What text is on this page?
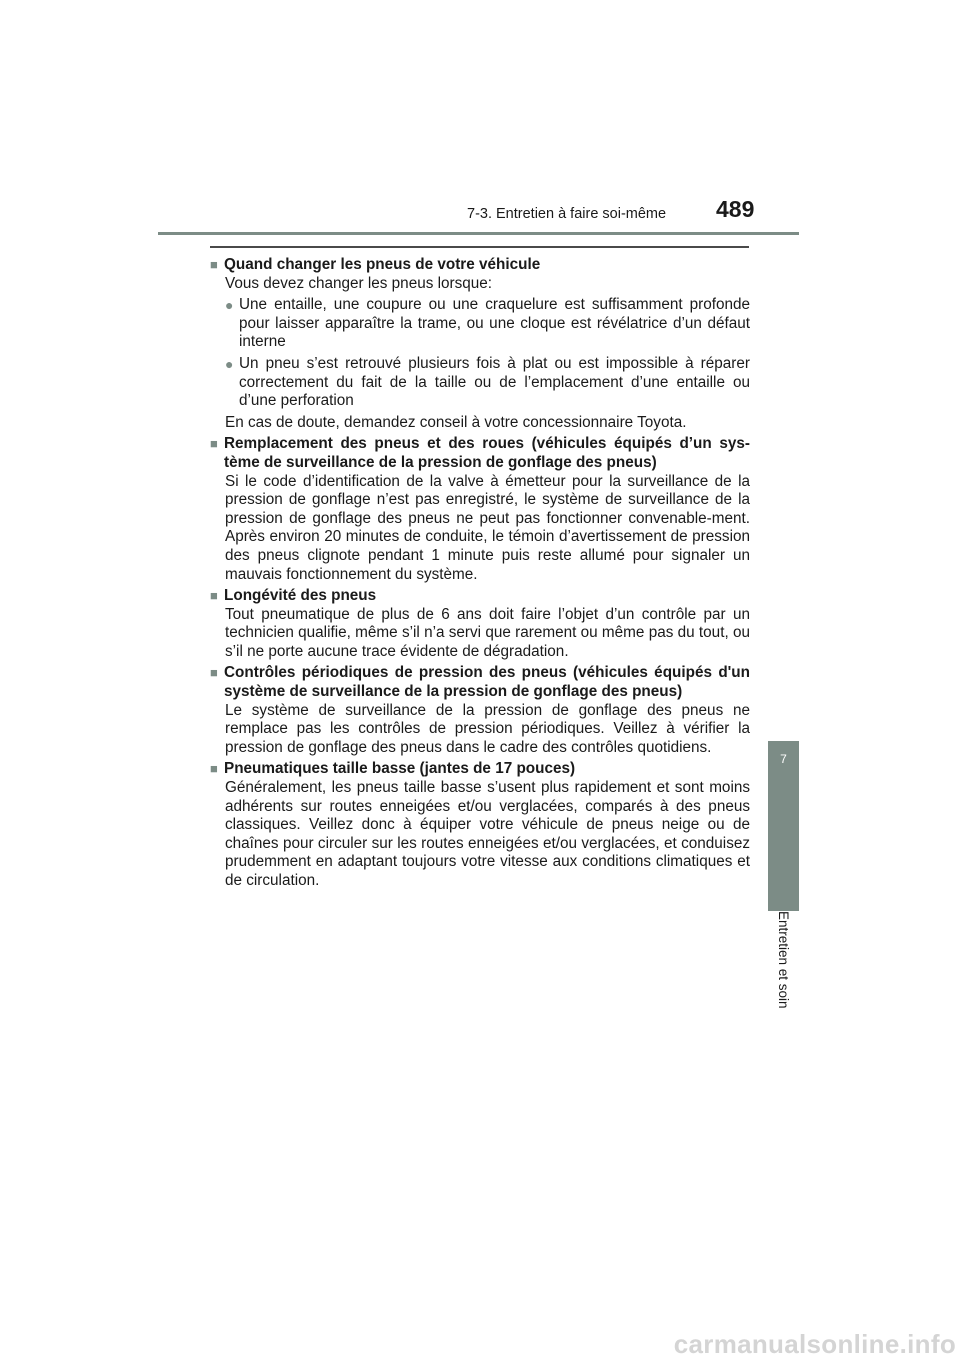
7-3. Entretien à faire soi-même 489
7
Entretien et soin
■ Quand changer les pneus de votre véhicule
Vous devez changer les pneus lorsque:
● Une entaille, une coupure ou une craquelure est suffisamment profonde pour laisser apparaître la trame, ou une cloque est révélatrice d’un défaut interne
● Un pneu s’est retrouvé plusieurs fois à plat ou est impossible à réparer correctement du fait de la taille ou de l’emplacement d’une entaille ou d’une perforation
En cas de doute, demandez conseil à votre concessionnaire Toyota.
■ Remplacement des pneus et des roues (véhicules équipés d’un sys-tème de surveillance de la pression de gonflage des pneus)
Si le code d’identification de la valve à émetteur pour la surveillance de la pression de gonflage n’est pas enregistré, le système de surveillance de la pression de gonflage des pneus ne peut pas fonctionner convenable-ment. Après environ 20 minutes de conduite, le témoin d’avertissement de pression des pneus clignote pendant 1 minute puis reste allumé pour signaler un mauvais fonctionnement du système.
■ Longévité des pneus
Tout pneumatique de plus de 6 ans doit faire l’objet d’un contrôle par un technicien qualifie, même s’il n’a servi que rarement ou même pas du tout, ou s’il ne porte aucune trace évidente de dégradation.
■ Contrôles périodiques de pression des pneus (véhicules équipés d'un système de surveillance de la pression de gonflage des pneus)
Le système de surveillance de la pression de gonflage des pneus ne remplace pas les contrôles de pression périodiques. Veillez à vérifier la pression de gonflage des pneus dans le cadre des contrôles quotidiens.
■ Pneumatiques taille basse (jantes de 17 pouces)
Généralement, les pneus taille basse s’usent plus rapidement et sont moins adhérents sur routes enneigées et/ou verglacées, comparés à des pneus classiques. Veillez donc à équiper votre véhicule de pneus neige ou de chaînes pour circuler sur les routes enneigées et/ou verglacées, et conduisez prudemment en adaptant toujours votre vitesse aux conditions climatiques et de circulation.
carmanualsonline.info
